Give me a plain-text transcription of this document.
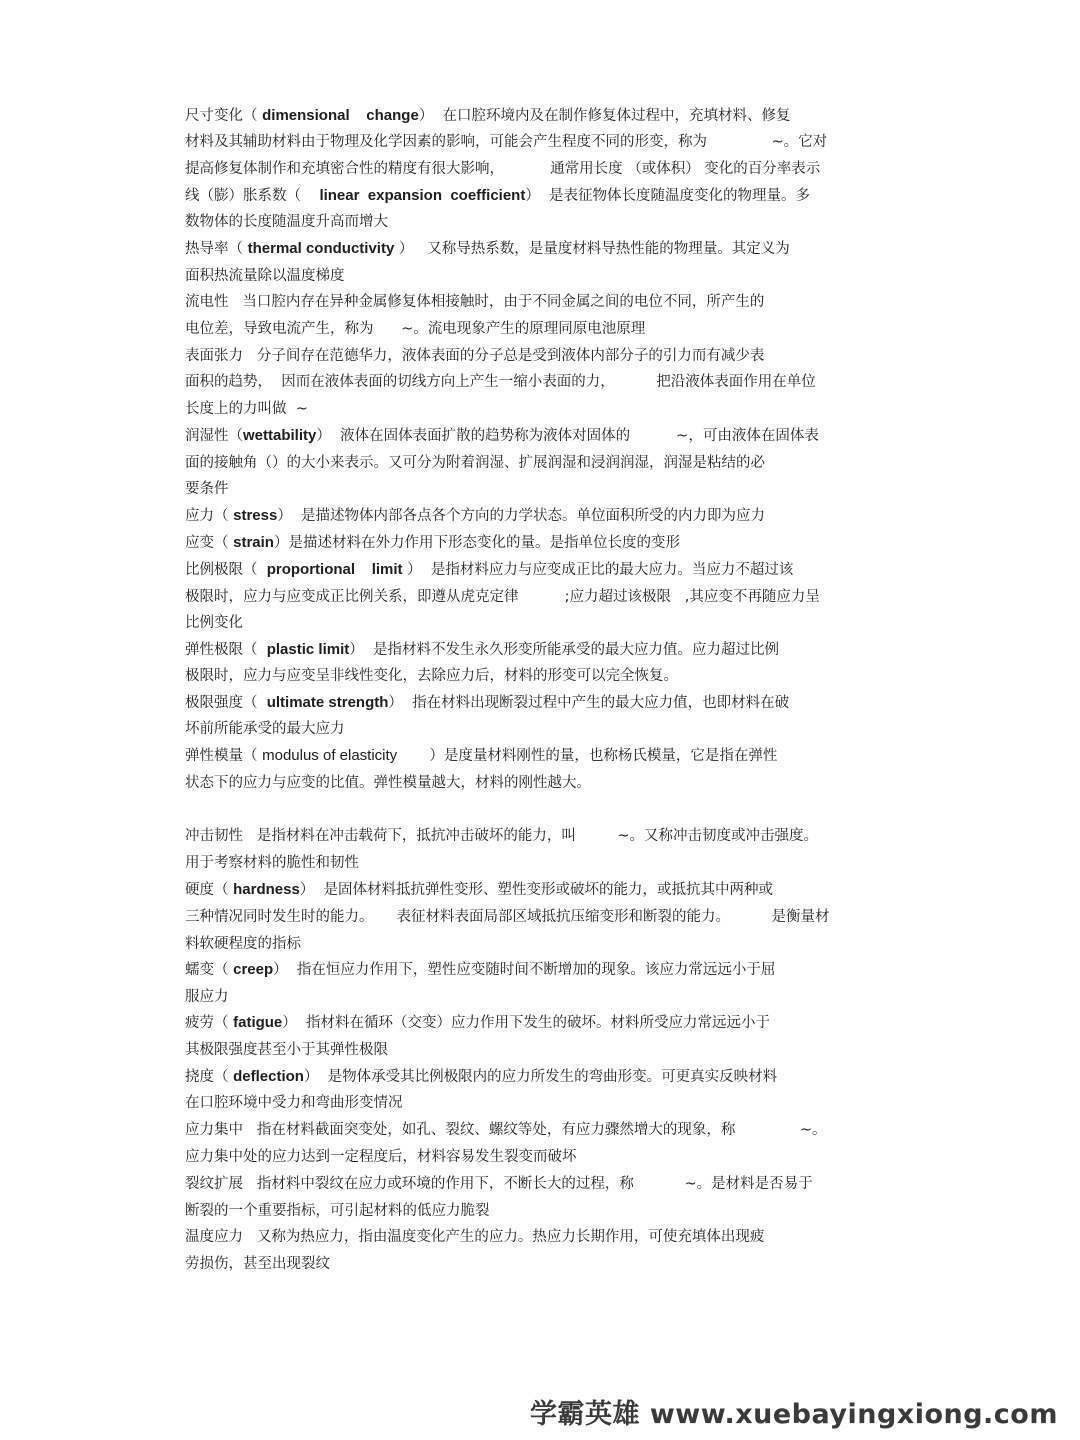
尺寸变化（ dimensional    change）  在口腔环境内及在制作修复体过程中，充填材料、修复
材料及其辅助材料由于物理及化学因素的影响，可能会产生程度不同的形变，称为              ~。它对
提高修复体制作和充填密合性的精度有很大影响，          通常用长度 （或体积） 变化的百分率表示
线（膨）胀系数（    linear  expansion  coefficient）  是表征物体长度随温度变化的物理量。多
数物体的长度随温度升高而增大
热导率（ thermal conductivity ）   又称导热系数，是量度材料导热性能的物理量。其定义为
面积热流量除以温度梯度
流电性   当口腔内存在异种金属修复体相接触时，由于不同金属之间的电位不同，所产生的
电位差，导致电流产生，称为      ~。流电现象产生的原理同原电池原理
表面张力   分子间存在范德华力，液体表面的分子总是受到液体内部分子的引力而有减少表
面积的趋势，  因而在液体表面的切线方向上产生一缩小表面的力，         把沿液体表面作用在单位
长度上的力叫做  ~
润湿性（wettability）  液体在固体表面扩散的趋势称为液体对固体的          ~，可由液体在固体表
面的接触角（）的大小来表示。又可分为附着润湿、扩展润湿和浸润润湿，润湿是粘结的必
要条件
应力（ stress）  是描述物体内部各点各个方向的力学状态。单位面积所受的内力即为应力
应变（ strain）是描述材料在外力作用下形态变化的量。是指单位长度的变形
比例极限（  proportional    limit ）  是指材料应力与应变成正比的最大应力。当应力不超过该
极限时，应力与应变成正比例关系，即遵从虎克定律          ;应力超过该极限   ,其应变不再随应力呈
比例变化
弹性极限（  plastic limit）  是指材料不发生永久形变所能承受的最大应力值。应力超过比例
极限时，应力与应变呈非线性变化，去除应力后，材料的形变可以完全恢复。
极限强度（  ultimate strength）  指在材料出现断裂过程中产生的最大应力值，也即材料在破
坏前所能承受的最大应力
弹性模量（ modulus of elasticity       ）是度量材料刚性的量，也称杨氏模量，它是指在弹性
状态下的应力与应变的比值。弹性模量越大，材料的刚性越大。
冲击韧性   是指材料在冲击载荷下，抵抗冲击破坏的能力，叫         ~。又称冲击韧度或冲击强度。
用于考察材料的脆性和韧性
硬度（ hardness）  是固体材料抵抗弹性变形、塑性变形或破坏的能力，或抵抗其中两种或
三种情况同时发生时的能力。     表征材料表面局部区域抵抗压缩变形和断裂的能力。         是衡量材
料软硬程度的指标
蠕变（ creep）  指在恒应力作用下，塑性应变随时间不断增加的现象。该应力常远远小于屈
服应力
疲劳（ fatigue）  指材料在循环（交变）应力作用下发生的破坏。材料所受应力常远远小于
其极限强度甚至小于其弹性极限
挠度（ deflection）  是物体承受其比例极限内的应力所发生的弯曲形变。可更真实反映材料
在口腔环境中受力和弯曲形变情况
应力集中   指在材料截面突变处，如孔、裂纹、螺纹等处，有应力骤然增大的现象，称              ~。
应力集中处的应力达到一定程度后，材料容易发生裂变而破坏
裂纹扩展   指材料中裂纹在应力或环境的作用下，不断长大的过程，称           ~。是材料是否易于
断裂的一个重要指标，可引起材料的低应力脆裂
温度应力   又称为热应力，指由温度变化产生的应力。热应力长期作用，可使充填体出现疲
劳损伤，甚至出现裂纹
学霸英雄 www.xuebayingxiong.com
